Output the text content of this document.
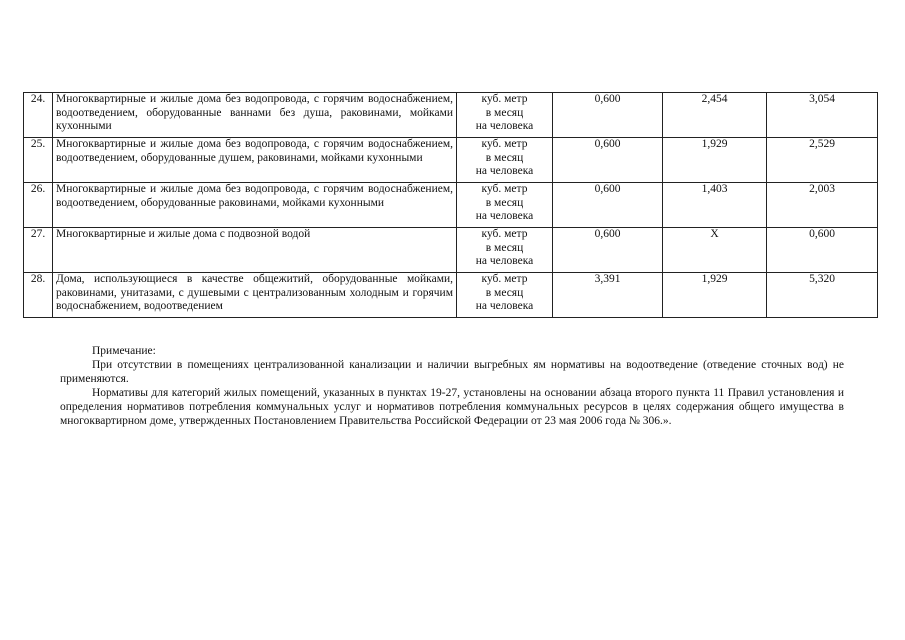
24.	Многоквартирные и жилые дома без водопровода, с горячим водоснабжением, водоотведением, оборудованные ваннами без душа, раковинами, мойками кухонными	куб. метр
в месяц
на человека	0,600	2,454	3,054
25.	Многоквартирные и жилые дома без водопровода, с горячим водоснабжением, водоотведением, оборудованные душем, раковинами, мойками кухонными	куб. метр
в месяц
на человека	0,600	1,929	2,529
26.	Многоквартирные и жилые дома без водопровода, с горячим водоснабжением, водоотведением, оборудованные раковинами, мойками кухонными	куб. метр
в месяц
на человека	0,600	1,403	2,003
27.	Многоквартирные и жилые дома с подвозной водой	куб. метр
в месяц
на человека	0,600	Х	0,600
28.	Дома, использующиеся в качестве общежитий, оборудованные мойками, раковинами, унитазами, с душевыми с централизованным холодным и горячим водоснабжением, водоотведением	куб. метр
в месяц
на человека	3,391	1,929	5,320

Примечание:

При отсутствии в помещениях централизованной канализации и наличии выгребных ям нормативы на водоотведение (отведение сточных вод) не применяются.

Нормативы для категорий жилых помещений, указанных в пунктах 19-27, установлены на основании абзаца второго пункта 11 Правил установления и определения нормативов потребления коммунальных услуг и нормативов потребления коммунальных ресурсов в целях содержания общего имущества в многоквартирном доме, утвержденных Постановлением Правительства Российской Федерации от 23 мая 2006 года № 306.».
